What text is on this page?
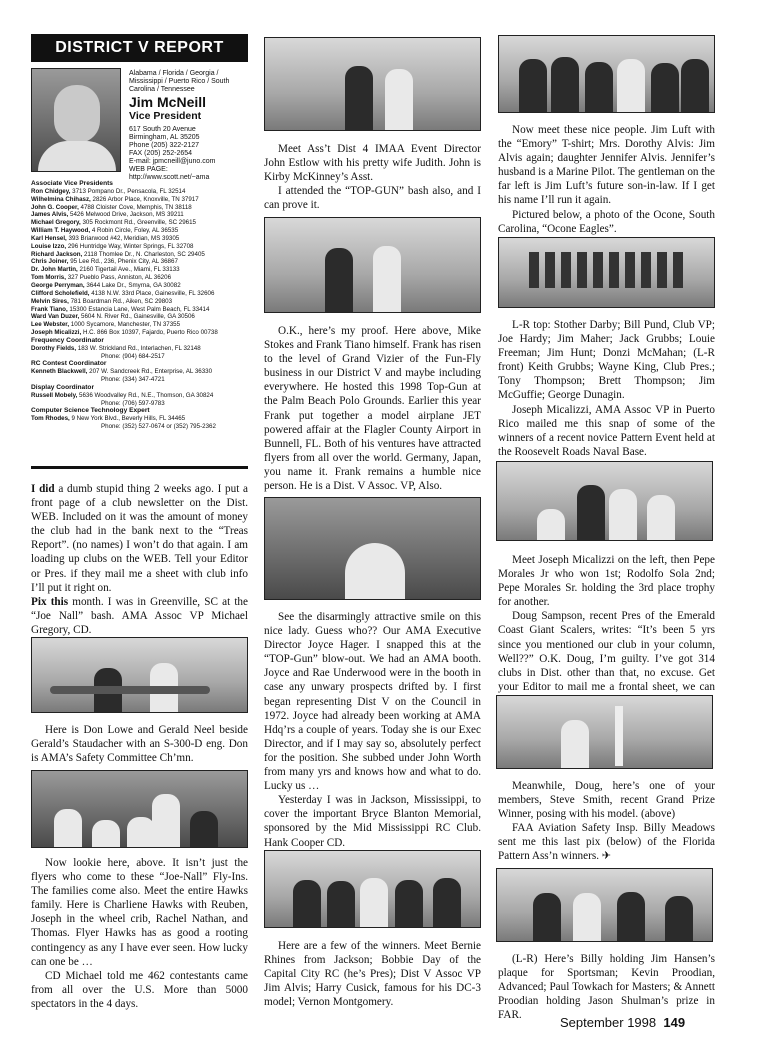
DISTRICT V REPORT
Alabama / Florida / Georgia / Mississippi / Puerto Rico / South Carolina / Tennessee
Jim McNeill
Vice President
617 South 20 Avenue
Birmingham, AL 35205
Phone (205) 322-2127
FAX (205) 252-2654
E-mail: jpmcneill@juno.com
WEB PAGE:
http://www.scott.net/~ama
Associate Vice Presidents
Ron Chidgey, 3713 Pompano Dr., Pensacola, FL 32514
Wilhelmina Chihasz, 2826 Arbor Place, Knoxville, TN 37917
John G. Cooper, 4788 Cloister Cove, Memphis, TN 38118
James Alvis, 5426 Melwood Drive, Jackson, MS 39211
Michael Gregory, 305 Rockmont Rd., Greenville, SC 29615
William T. Haywood, 4 Robin Circle, Foley, AL 36535
Karl Hensel, 393 Briarwood #42, Meridian, MS 39305
Louise Izzo, 296 Huntridge Way, Winter Springs, FL 32708
Richard Jackson, 2118 Thomlee Dr., N. Charleston, SC 29405
Chris Joiner, 95 Lee Rd., 236, Phenix City, AL 36867
Dr. John Martin, 2160 Tigertail Ave., Miami, FL 33133
Tom Morris, 327 Pueblo Pass, Anniston, AL 36206
George Perryman, 3644 Lake Dr., Smyrna, GA 30082
Clifford Scholefield, 4138 N.W. 33rd Place, Gainesville, FL 32606
Melvin Sires, 781 Boardman Rd., Aiken, SC 29803
Frank Tiano, 15300 Estancia Lane, West Palm Beach, FL 33414
Ward Van Duzer, 5604 N. River Rd., Gainesville, GA 30506
Lee Webster, 1000 Sycamore, Manchester, TN 37355
Joseph Micalizzi, H.C. 866 Box 10397, Fajardo, Puerto Rico 00738
Frequency Coordinator
Dorothy Fields, 183 W. Strickland Rd., Interlachen, FL 32148
Phone: (904) 684-2517
RC Contest Coordinator
Kenneth Blackwell, 207 W. Sandcreek Rd., Enterprise, AL 36330
Phone: (334) 347-4721
Display Coordinator
Russell Mobely, 5636 Woodvalley Rd., N.E., Thomson, GA 30824
Phone: (706) 597-9783
Computer Science Technology Expert
Tom Rhodes, 9 New York Blvd., Beverly Hills, FL 34465
Phone: (352) 527-0674 or (352) 795-2362

I did a dumb stupid thing 2 weeks ago. I put a front page of a club newsletter on the Dist. WEB. Included on it was the amount of money the club had in the bank next to the “Treas Report”. (no names) I won’t do that again. I am loading up clubs on the WEB. Tell your Editor or Pres. if they mail me a sheet with club info I’ll put it right on.

Pix this month. I was in Greenville, SC at the “Joe Nall” bash. AMA Assoc VP Michael Gregory, CD.

Here is Don Lowe and Gerald Neel beside Gerald’s Staudacher with an S-300-D eng. Don is AMA’s Safety Committee Ch’mn.

Now lookie here, above. It isn’t just the flyers who come to these “Joe-Nall” Fly-Ins. The families come also. Meet the entire Hawks family. Here is Charliene Hawks with Reuben, Joseph in the wheel crib, Rachel Nathan, and Thomas. Flyer Hawks has as good a rooting contingency as any I have ever seen. How lucky can one be …

CD Michael told me 462 contestants came from all over the U.S. More than 5000 spectators in the 4 days.

Meet Ass’t Dist 4 IMAA Event Director John Estlow with his pretty wife Judith. John is Kirby McKinney’s Asst.

I attended the “TOP-GUN” bash also, and I can prove it.

O.K., here’s my proof. Here above, Mike Stokes and Frank Tiano himself. Frank has risen to the level of Grand Vizier of the Fun-Fly business in our District V and maybe including everywhere. He hosted this 1998 Top-Gun at the Palm Beach Polo Grounds. Earlier this year Frank put together a model airplane JET powered affair at the Flagler County Airport in Bunnell, FL. Both of his ventures have attracted flyers from all over the world. Germany, Japan, you name it. Frank remains a humble nice person. He is a Dist. V Assoc. VP, Also.

See the disarmingly attractive smile on this nice lady. Guess who?? Our AMA Executive Director Joyce Hager. I snapped this at the “TOP-Gun” blow-out. We had an AMA booth. Joyce and Rae Underwood were in the booth in case any unwary prospects drifted by. I first began representing Dist V on the Council in 1972. Joyce had already been working at AMA Hdq’rs a couple of years. Today she is our Exec Director, and if I may say so, absolutely perfect for the position. She subbed under John Worth from many yrs and knows how and what to do. Lucky us …

Yesterday I was in Jackson, Mississippi, to cover the important Bryce Blanton Memorial, sponsored by the Mid Mississippi RC Club. Hank Cooper CD.

Here are a few of the winners. Meet Bernie Rhines from Jackson; Bobbie Day of the Capital City RC (he’s Pres); Dist V Assoc VP Jim Alvis; Harry Cusick, famous for his DC-3 model; Vernon Montgomery.

Now meet these nice people. Jim Luft with the “Emory” T-shirt; Mrs. Dorothy Alvis: Jim Alvis again; daughter Jennifer Alvis. Jennifer’s husband is a Marine Pilot. The gentleman on the far left is Jim Luft’s future son-in-law. If I get his name I’ll run it again.

Pictured below, a photo of the Ocone, South Carolina, “Ocone Eagles”.

L-R top: Stother Darby; Bill Pund, Club VP; Joe Hardy; Jim Maher; Jack Grubbs; Louie Freeman; Jim Hunt; Donzi McMahan; (L-R front) Keith Grubbs; Wayne King, Club Pres.; Tony Thompson; Brett Thompson; Jim McGuffie; George Dunagin.

Joseph Micalizzi, AMA Assoc VP in Puerto Rico mailed me this snap of some of the winners of a recent novice Pattern Event held at the Roosevelt Roads Naval Base.

Meet Joseph Micalizzi on the left, then Pepe Morales Jr who won 1st; Rodolfo Sola 2nd; Pepe Morales Sr. holding the 3rd place trophy for another.

Doug Sampson, recent Pres of the Emerald Coast Giant Scalers, writes: “It’s been 5 yrs since you mentioned our club in your column, Well??” O.K. Doug, I’m guilty. I’ve got 314 clubs in Dist. other than that, no excuse. Get your Editor to mail me a frontal sheet, we can

Meanwhile, Doug, here’s one of your members, Steve Smith, recent Grand Prize Winner, posing with his model. (above)

FAA Aviation Safety Insp. Billy Meadows sent me this last pix (below) of the Florida Pattern Ass’n winners. ✈

(L-R) Here’s Billy holding Jim Hansen’s plaque for Sportsman; Kevin Proodian, Advanced; Paul Towkach for Masters; & Annett Proodian holding Jason Shulman’s prize in FAR.	September 1998 149
